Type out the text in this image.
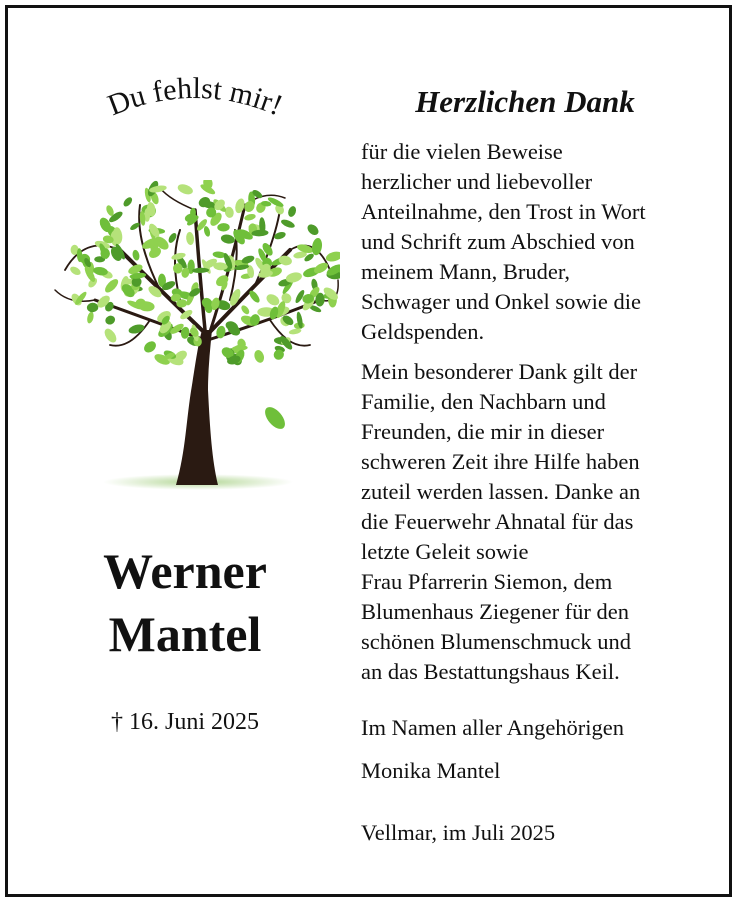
Du fehlst mir!
Werner
Mantel
† 16. Juni 2025
Herzlichen Dank
für die vielen Beweise
herzlicher und liebevoller
Anteilnahme, den Trost in Wort
und Schrift zum Abschied von
meinem Mann, Bruder,
Schwager und Onkel sowie die
Geldspenden.
Mein besonderer Dank gilt der
Familie, den Nachbarn und
Freunden, die mir in dieser
schweren Zeit ihre Hilfe haben
zuteil werden lassen. Danke an
die Feuerwehr Ahnatal für das
letzte Geleit sowie
Frau Pfarrerin Siemon, dem
Blumenhaus Ziegener für den
schönen Blumenschmuck und
an das Bestattungshaus Keil.
Im Namen aller Angehörigen
Monika Mantel
Vellmar, im Juli 2025
